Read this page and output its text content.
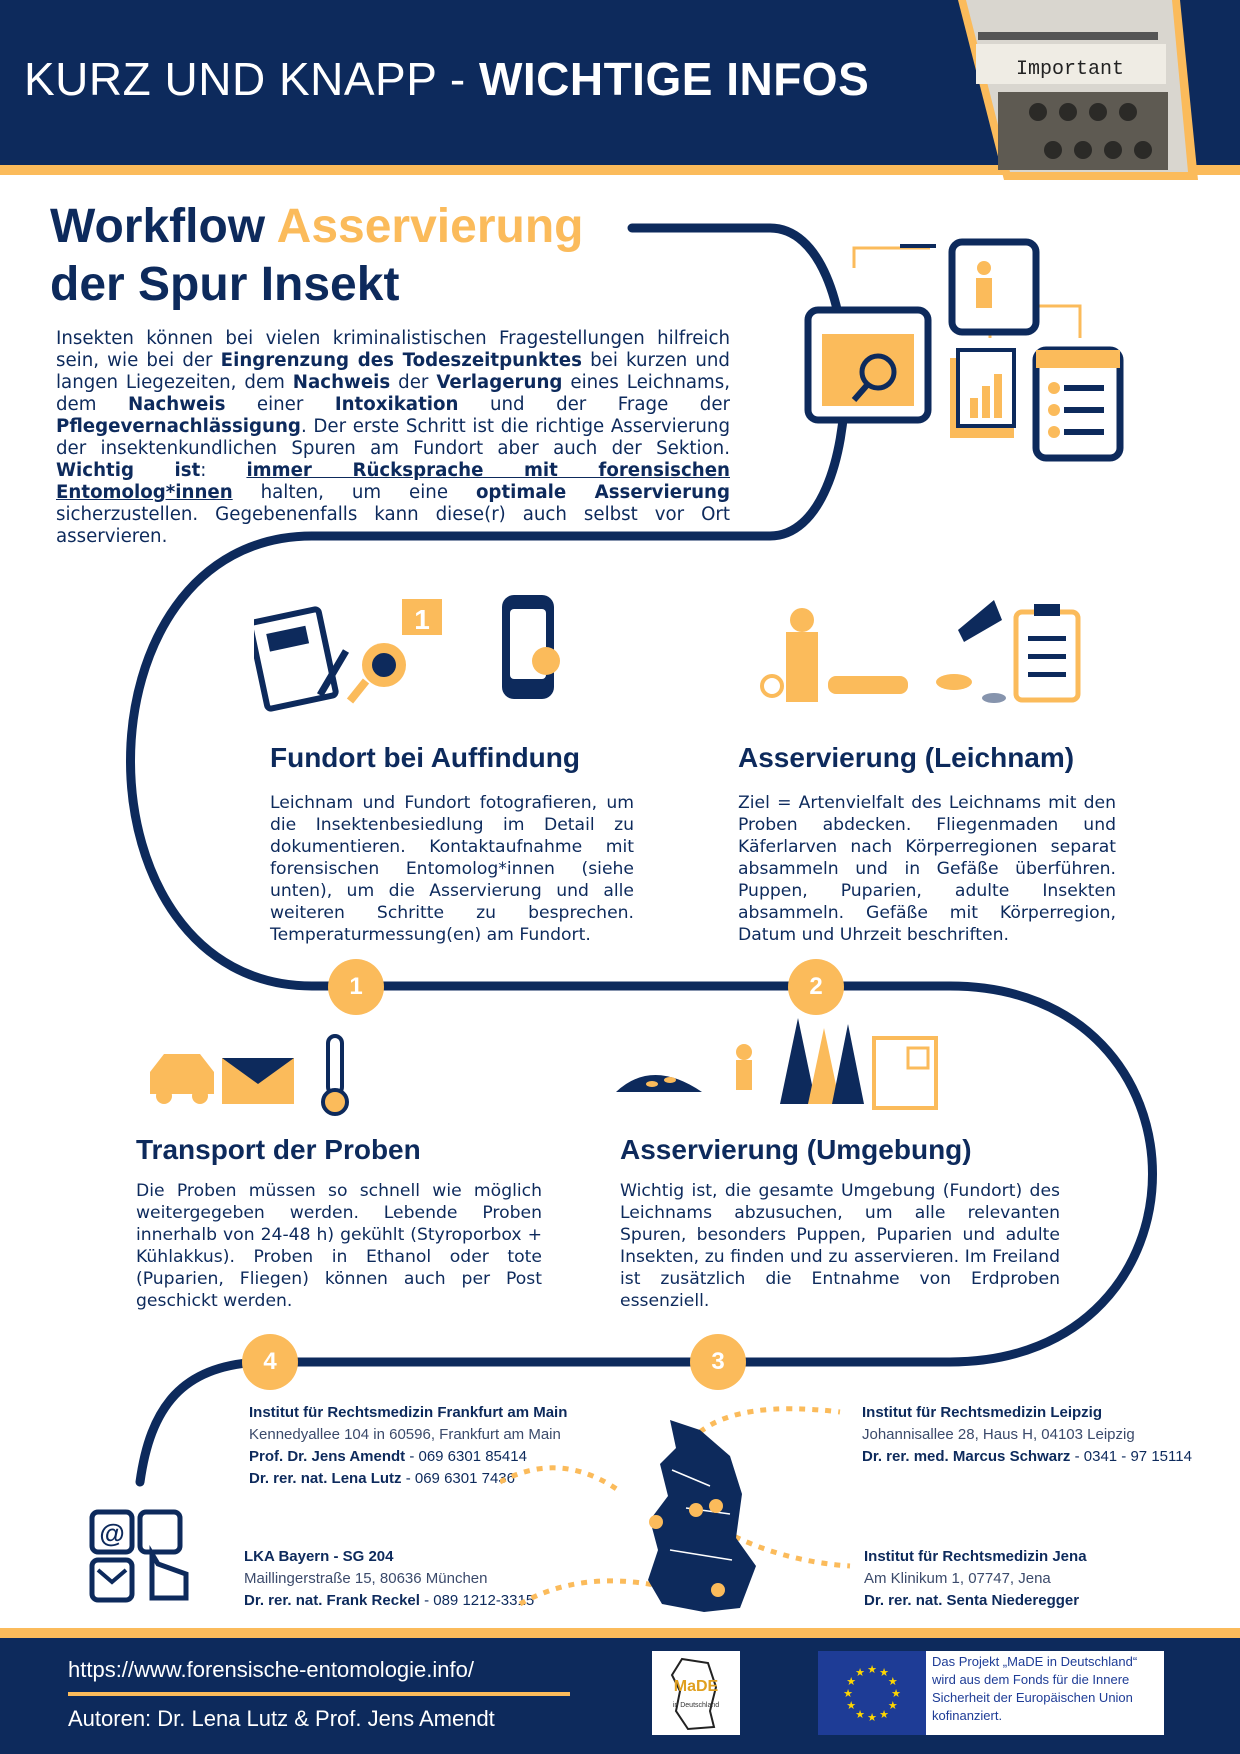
KURZ UND KNAPP - WICHTIGE INFOS	Important
Workflow Asservierung
der Spur Insekt
Insekten können bei vielen kriminalistischen Fragestellungen hilfreich sein, wie bei der Eingrenzung des Todeszeitpunktes bei kurzen und langen Liegezeiten, dem Nachweis der Verlagerung eines Leichnams, dem Nachweis einer Intoxikation und der Frage der Pflegevernachlässigung. Der erste Schritt ist die richtige Asservierung der insektenkundlichen Spuren am Fundort aber auch der Sektion. Wichtig ist: immer Rücksprache mit forensischen Entomolog*innen halten, um eine optimale Asservierung sicherzustellen. Gegebenenfalls kann diese(r) auch selbst vor Ort asservieren.
1
Fundort bei Auffindung
Leichnam und Fundort fotografieren, um die Insektenbesiedlung im Detail zu dokumentieren. Kontaktaufnahme mit forensischen Entomolog*innen (siehe unten), um die Asservierung und alle weiteren Schritte zu besprechen. Temperaturmessung(en) am Fundort.
Asservierung (Leichnam)
Ziel = Artenvielfalt des Leichnams mit den Proben abdecken. Fliegenmaden und Käferlarven nach Körperregionen separat absammeln und in Gefäße überführen. Puppen, Puparien, adulte Insekten absammeln. Gefäße mit Körperregion, Datum und Uhrzeit beschriften.
Transport der Proben
Die Proben müssen so schnell wie möglich weitergegeben werden. Lebende Proben innerhalb von 24-48 h) gekühlt (Styroporbox + Kühlakkus). Proben in Ethanol oder tote (Puparien, Fliegen) können auch per Post geschickt werden.
Asservierung (Umgebung)
Wichtig ist, die gesamte Umgebung (Fundort) des Leichnams abzusuchen, um alle relevanten Spuren, besonders Puppen, Puparien und adulte Insekten, zu finden und zu asservieren. Im Freiland ist zusätzlich die Entnahme von Erdproben essenziell.
1	2
3
4
Institut für Rechtsmedizin Frankfurt am Main
Kennedyallee 104 in 60596, Frankfurt am Main
Prof. Dr. Jens Amendt - 069 6301 85414
Dr. rer. nat. Lena Lutz - 069 6301 7436
Institut für Rechtsmedizin Leipzig
Johannisallee 28, Haus H, 04103 Leipzig
Dr. rer. med. Marcus Schwarz - 0341 - 97 15114
LKA Bayern - SG 204
Maillingerstraße 15, 80636 München
Dr. rer. nat. Frank Reckel - 089 1212-3315
Institut für Rechtsmedizin Jena
Am Klinikum 1, 07747, Jena
Dr. rer. nat. Senta Niederegger
@
https://www.forensische-entomologie.info/
Autoren: Dr. Lena Lutz & Prof. Jens Amendt
MaDE
in Deutschland
★
★
★
★
★
★
★
★
★ ★ ★
★
Das Projekt „MaDE in Deutschland“ wird aus dem Fonds für die Innere Sicherheit der Europäischen Union kofinanziert.
